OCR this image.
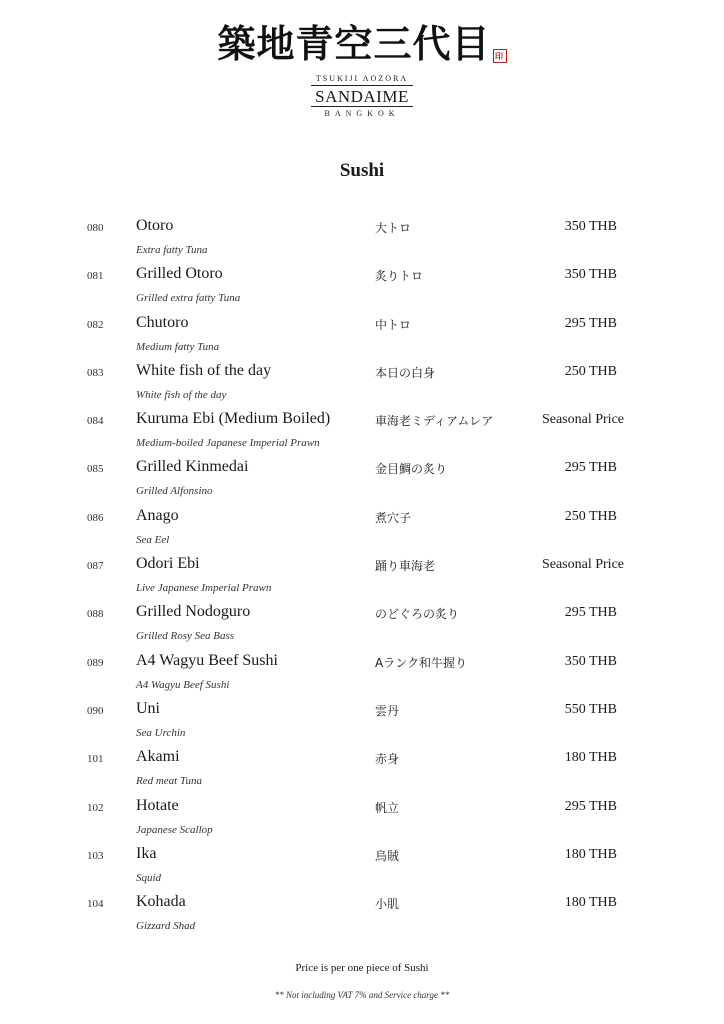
築地青空三代目 印
TSUKIJI AOZORA
SANDAIME
BANGKOK
Sushi
080 Otoro
Extra fatty Tuna
大トロ	350 THB
081 Grilled Otoro
Grilled extra fatty Tuna
炙りトロ	350 THB
082 Chutoro
Medium fatty Tuna
中トロ	295 THB
083 White fish of the day
White fish of the day
本日の白身	250 THB
084 Kuruma Ebi (Medium Boiled)
Medium-boiled Japanese Imperial Prawn
車海老ミディアムレア	Seasonal Price
085 Grilled Kinmedai
Grilled Alfonsino
金目鯛の炙り	295 THB
086 Anago
Sea Eel
煮穴子	250 THB
087 Odori Ebi
Live Japanese Imperial Prawn
踊り車海老	Seasonal Price
088 Grilled Nodoguro
Grilled Rosy Sea Bass
のどぐろの炙り	295 THB
089 A4 Wagyu Beef Sushi
A4 Wagyu Beef Sushi
Aランク和牛握り	350 THB
090 Uni
Sea Urchin
雲丹	550 THB
101 Akami
Red meat Tuna
赤身	180 THB
102 Hotate
Japanese Scallop
帆立	295 THB
103 Ika
Squid
烏賊	180 THB
104 Kohada
Gizzard Shad
小肌	180 THB
Price is per one piece of Sushi
** Not including VAT 7% and Service charge **
